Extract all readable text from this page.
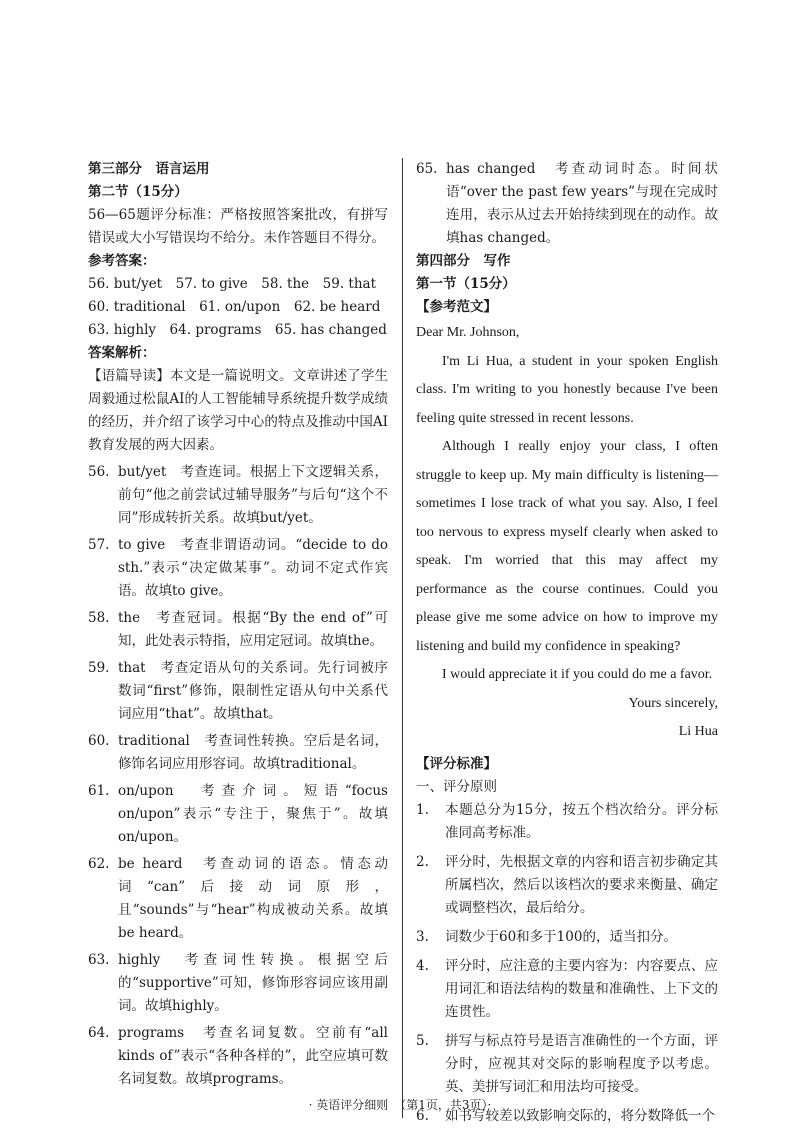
第三部分　语言运用
第二节（15分）
56—65题评分标准：严格按照答案批改，有拼写错误或大小写错误均不给分。未作答题目不得分。
参考答案：
56. but/yet　57. to give　58. the　59. that
60. traditional　61. on/upon　62. be heard
63. highly　64. programs　65. has changed
答案解析：
【语篇导读】本文是一篇说明文。文章讲述了学生周毅通过松鼠AI的人工智能辅导系统提升数学成绩的经历，并介绍了该学习中心的特点及推动中国AI教育发展的两大因素。
56. but/yet　考查连词。根据上下文逻辑关系，前句“他之前尝试过辅导服务”与后句“这个不同”形成转折关系。故填but/yet。
57. to give　考查非谓语动词。“decide to do sth.”表示“决定做某事”。动词不定式作宾语。故填to give。
58. the　考查冠词。根据“By the end of”可知，此处表示特指，应用定冠词。故填the。
59. that　考查定语从句的关系词。先行词被序数词“first”修饰，限制性定语从句中关系代词应用“that”。故填that。
60. traditional　考查词性转换。空后是名词，修饰名词应用形容词。故填traditional。
61. on/upon　考查介词。短语“focus on/upon”表示“专注于，聚焦于”。故填on/upon。
62. be heard　考查动词的语态。情态动词“can”后接动词原形，且“sounds”与“hear”构成被动关系。故填be heard。
63. highly　考查词性转换。根据空后的“supportive”可知，修饰形容词应该用副词。故填highly。
64. programs　考查名词复数。空前有“all kinds of”表示“各种各样的”，此空应填可数名词复数。故填programs。
65. has changed　考查动词时态。时间状语“over the past few years”与现在完成时连用，表示从过去开始持续到现在的动作。故填has changed。
第四部分　写作
第一节（15分）
【参考范文】
Dear Mr. Johnson,
I'm Li Hua, a student in your spoken English class. I'm writing to you honestly because I've been feeling quite stressed in recent lessons.
Although I really enjoy your class, I often struggle to keep up. My main difficulty is listening—sometimes I lose track of what you say. Also, I feel too nervous to express myself clearly when asked to speak. I'm worried that this may affect my performance as the course continues. Could you please give me some advice on how to improve my listening and build my confidence in speaking?
I would appreciate it if you could do me a favor.
Yours sincerely,
Li Hua
【评分标准】
一、评分原则
1.	本题总分为15分，按五个档次给分。评分标准同高考标准。
2.	评分时，先根据文章的内容和语言初步确定其所属档次，然后以该档次的要求来衡量、确定或调整档次，最后给分。
3.	词数少于60和多于100的，适当扣分。
4.	评分时，应注意的主要内容为：内容要点、应用词汇和语法结构的数量和准确性、上下文的连贯性。
5.	拼写与标点符号是语言准确性的一个方面，评分时，应视其对交际的影响程度予以考虑。英、美拼写词汇和用法均可接受。
6.	如书写较差以致影响交际的，将分数降低一个
· 英语评分细则　（第1页，共3页）·
